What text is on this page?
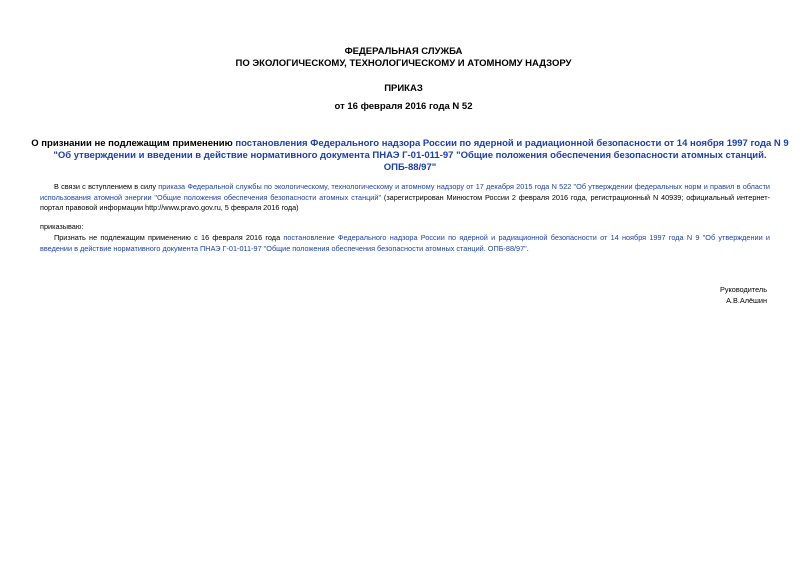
ФЕДЕРАЛЬНАЯ СЛУЖБА
ПО ЭКОЛОГИЧЕСКОМУ, ТЕХНОЛОГИЧЕСКОМУ И АТОМНОМУ НАДЗОРУ
ПРИКАЗ
от 16 февраля 2016 года N 52
О признании не подлежащим применению постановления Федерального надзора России по ядерной и радиационной безопасности от 14 ноября 1997 года N 9 "Об утверждении и введении в действие нормативного документа ПНАЭ Г-01-011-97 "Общие положения обеспечения безопасности атомных станций. ОПБ-88/97"
В связи с вступлением в силу приказа Федеральной службы по экологическому, технологическому и атомному надзору от 17 декабря 2015 года N 522 "Об утверждении федеральных норм и правил в области использования атомной энергии "Общие положения обеспечения безопасности атомных станций" (зарегистрирован Минюстом России 2 февраля 2016 года, регистрационный N 40939; официальный интернет-портал правовой информации http://www.pravo.gov.ru, 5 февраля 2016 года)
приказываю:
Признать не подлежащим применению с 16 февраля 2016 года постановление Федерального надзора России по ядерной и радиационной безопасности от 14 ноября 1997 года N 9 "Об утверждении и введении в действие нормативного документа ПНАЭ Г-01-011-97 "Общие положения обеспечения безопасности атомных станций. ОПБ-88/97".
Руководитель
А.В.Алёшин
